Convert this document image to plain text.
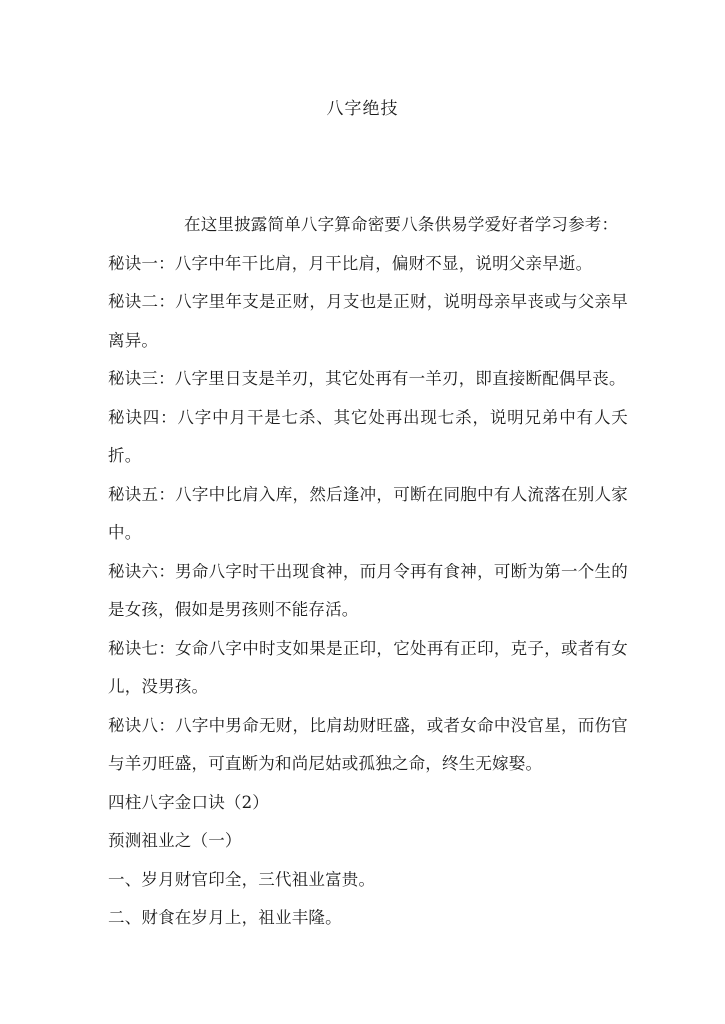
八字绝技

在这里披露简单八字算命密要八条供易学爱好者学习参考：

秘诀一：八字中年干比肩，月干比肩，偏财不显，说明父亲早逝。

秘诀二：八字里年支是正财，月支也是正财，说明母亲早丧或与父亲早离异。

秘诀三：八字里日支是羊刃，其它处再有一羊刃，即直接断配偶早丧。

秘诀四：八字中月干是七杀、其它处再出现七杀，说明兄弟中有人夭折。

秘诀五：八字中比肩入库，然后逢冲，可断在同胞中有人流落在别人家中。

秘诀六：男命八字时干出现食神，而月令再有食神，可断为第一个生的是女孩，假如是男孩则不能存活。

秘诀七：女命八字中时支如果是正印，它处再有正印，克子，或者有女儿，没男孩。

秘诀八：八字中男命无财，比肩劫财旺盛，或者女命中没官星，而伤官与羊刃旺盛，可直断为和尚尼姑或孤独之命，终生无嫁娶。

四柱八字金口诀（2）

预测祖业之（一）

一、岁月财官印全，三代祖业富贵。

二、财食在岁月上，祖业丰隆。
